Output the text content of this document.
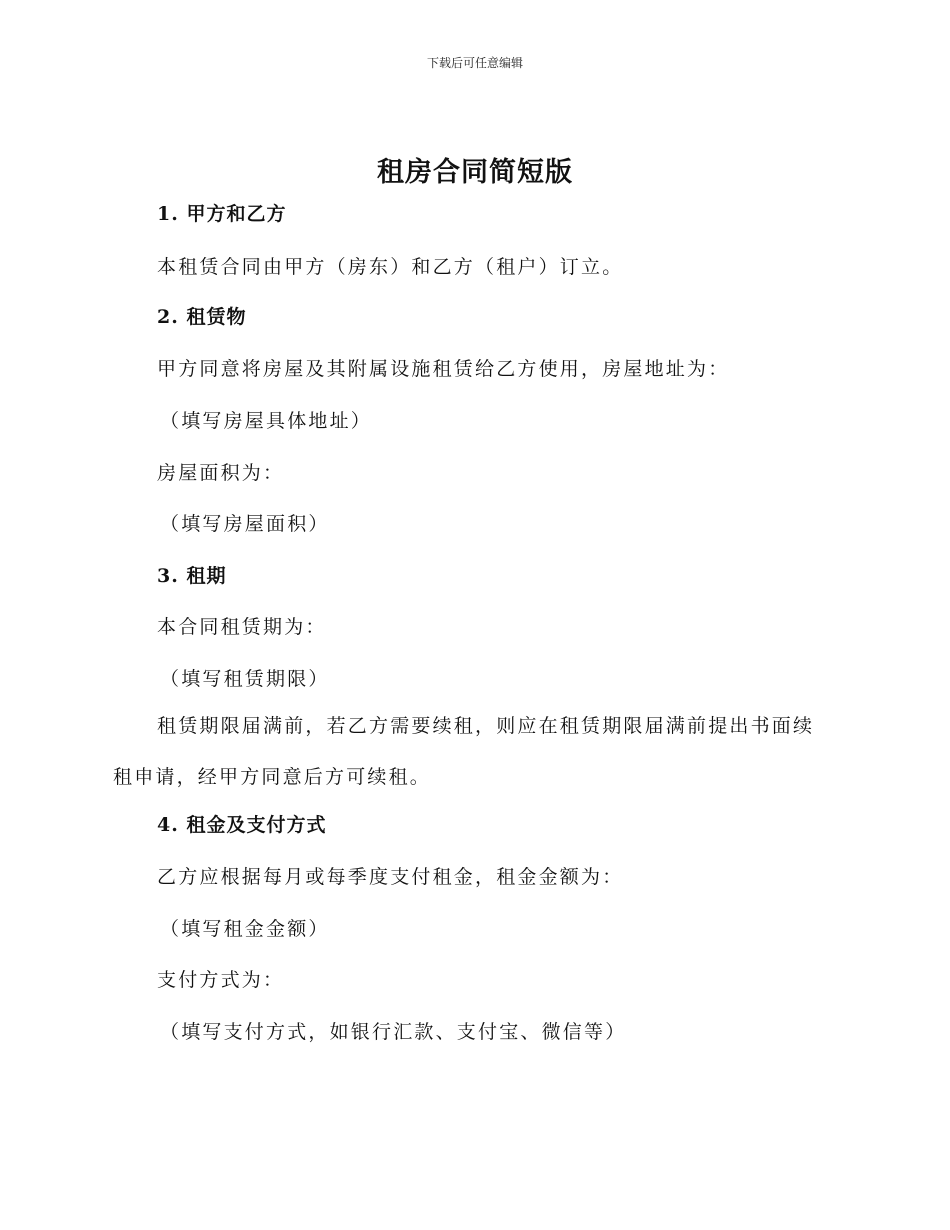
下载后可任意编辑
租房合同简短版
1. 甲方和乙方
本租赁合同由甲方（房东）和乙方（租户）订立。
2. 租赁物
甲方同意将房屋及其附属设施租赁给乙方使用，房屋地址为：
（填写房屋具体地址）
房屋面积为：
（填写房屋面积）
3. 租期
本合同租赁期为：
（填写租赁期限）

租赁期限届满前，若乙方需要续租，则应在租赁期限届满前提出书面续租申请，经甲方同意后方可续租。

4. 租金及支付方式
乙方应根据每月或每季度支付租金，租金金额为：
（填写租金金额）
支付方式为：
（填写支付方式，如银行汇款、支付宝、微信等）
